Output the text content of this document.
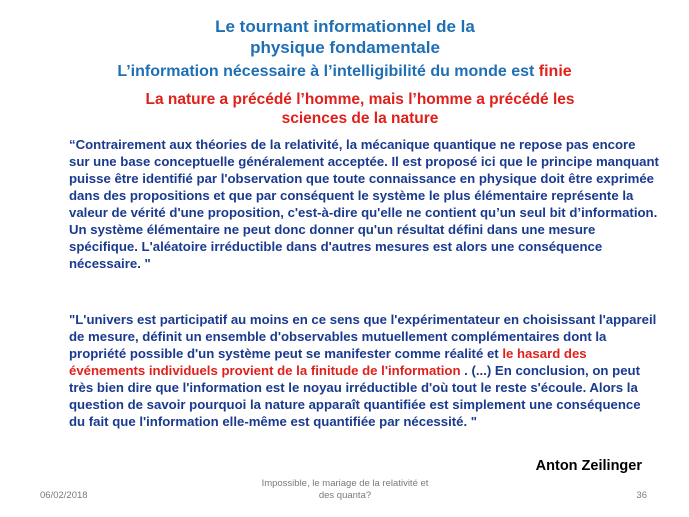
Le tournant informationnel de la
physique fondamentale
L’information nécessaire à l’intelligibilité du monde est finie
La nature a précédé l’homme, mais l’homme a précédé les
sciences de la nature
“Contrairement aux théories de la relativité, la mécanique quantique ne repose pas encore sur une base conceptuelle généralement acceptée. Il est proposé ici que le principe manquant puisse être identifié par l'observation que toute connaissance en physique doit être exprimée dans des propositions et que par conséquent le système le plus élémentaire représente la valeur de vérité d'une proposition, c'est-à-dire qu'elle ne contient qu’un seul bit d’information. Un système élémentaire ne peut donc donner qu'un résultat défini dans une mesure spécifique. L'aléatoire irréductible dans d'autres mesures est alors une conséquence nécessaire. "
"L'univers est participatif au moins en ce sens que l'expérimentateur en choisissant l'appareil de mesure, définit un ensemble d'observables mutuellement complémentaires dont la propriété possible d'un système peut se manifester comme réalité et le hasard des événements individuels provient de la finitude de l'information . (...) En conclusion, on peut très bien dire que l'information est le noyau irréductible d'où tout le reste s'écoule. Alors la question de savoir pourquoi la nature apparaît quantifiée est simplement une conséquence du fait que l'information elle-même est quantifiée par nécessité. "
Anton Zeilinger
06/02/2018
Impossible, le mariage de la relativité et
des quanta?	36
